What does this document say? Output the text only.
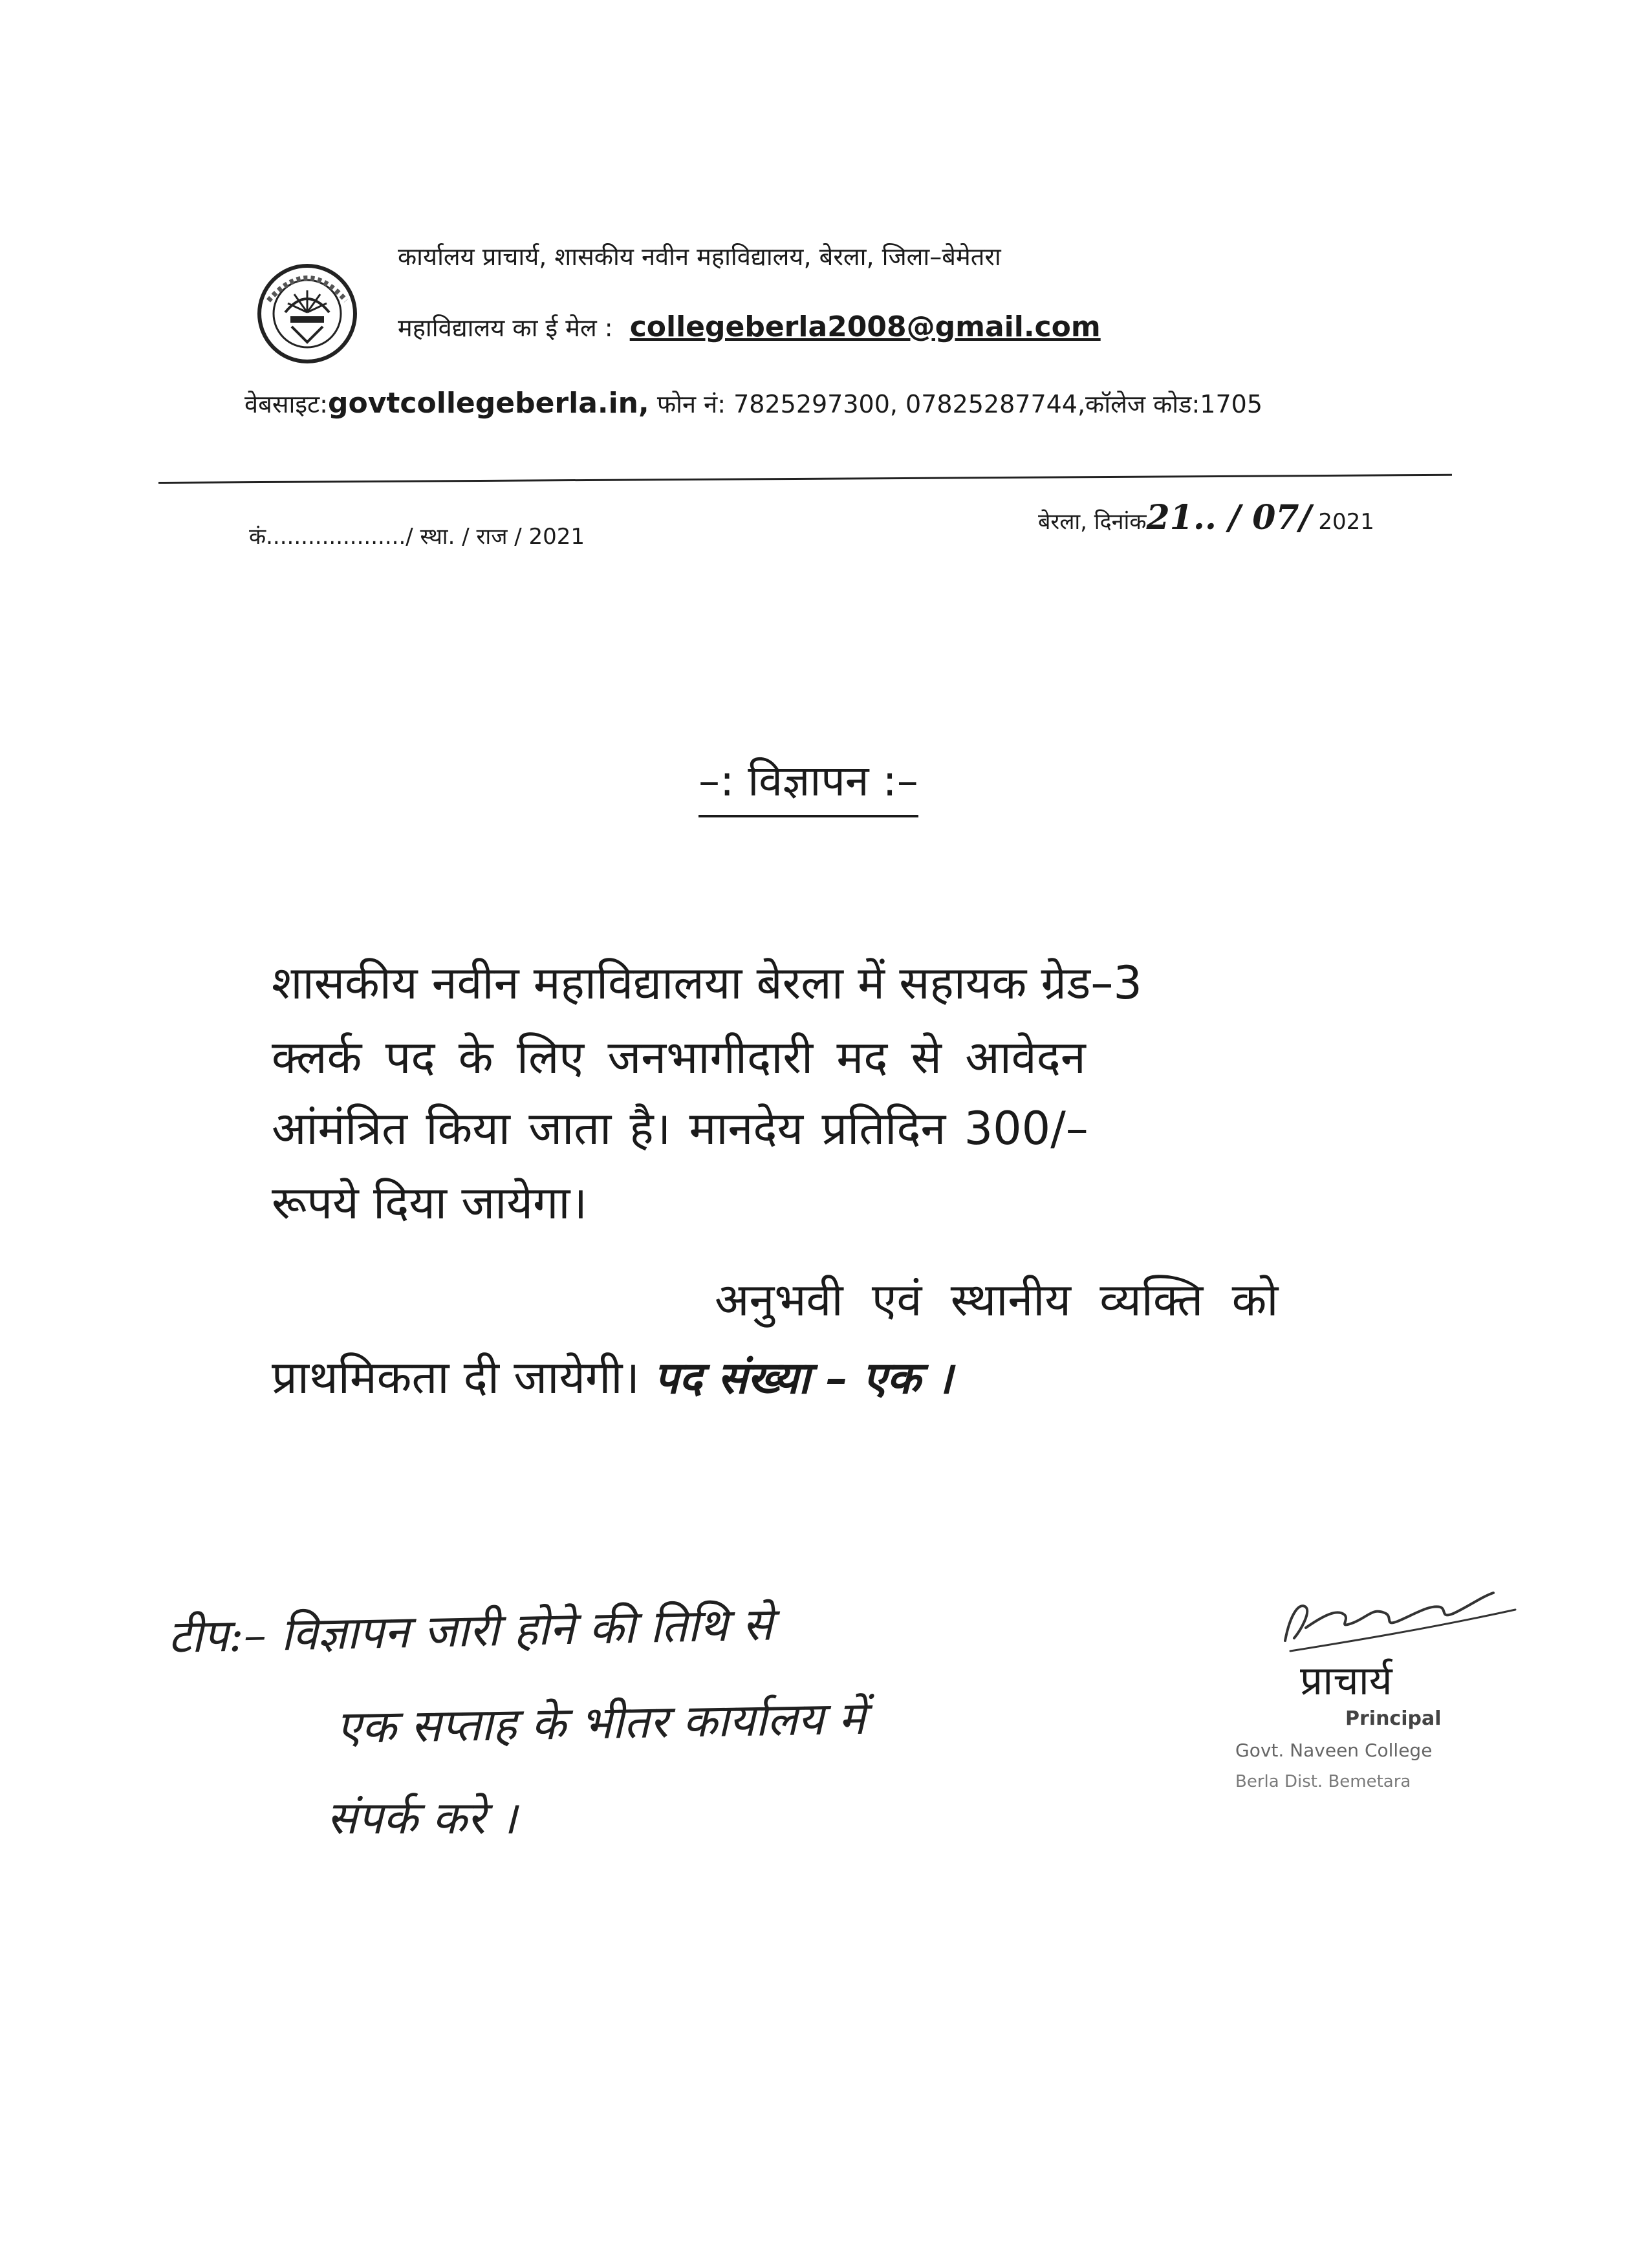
कार्यालय प्राचार्य, शासकीय नवीन महाविद्यालय, बेरला, जिला–बेमेतरा
महाविद्यालय का ई मेल : collegeberla2008@gmail.com
वेबसाइट:govtcollegeberla.in, फोन नं: 7825297300, 07825287744,कॉलेज कोड:1705
कं..................../ स्था. / राज / 2021
बेरला, दिनांक21.. / 07/ 2021
–: विज्ञापन :–
शासकीय नवीन महाविद्यालया बेरला में सहायक ग्रेड–3
क्लर्क पद के लिए जनभागीदारी मद से आवेदन
आंमंत्रित किया जाता है। मानदेय प्रतिदिन 300/–
रूपये दिया जायेगा।
अनुभवी एवं स्थानीय व्यक्ति को
प्राथमिकता दी जायेगी। पद संख्या – एक ।
टीप:– विज्ञापन जारी होने की तिथि से
एक सप्ताह के भीतर कार्यालय में
संपर्क करे ।
प्राचार्य
Principal
Govt. Naveen College
Berla Dist. Bemetara
